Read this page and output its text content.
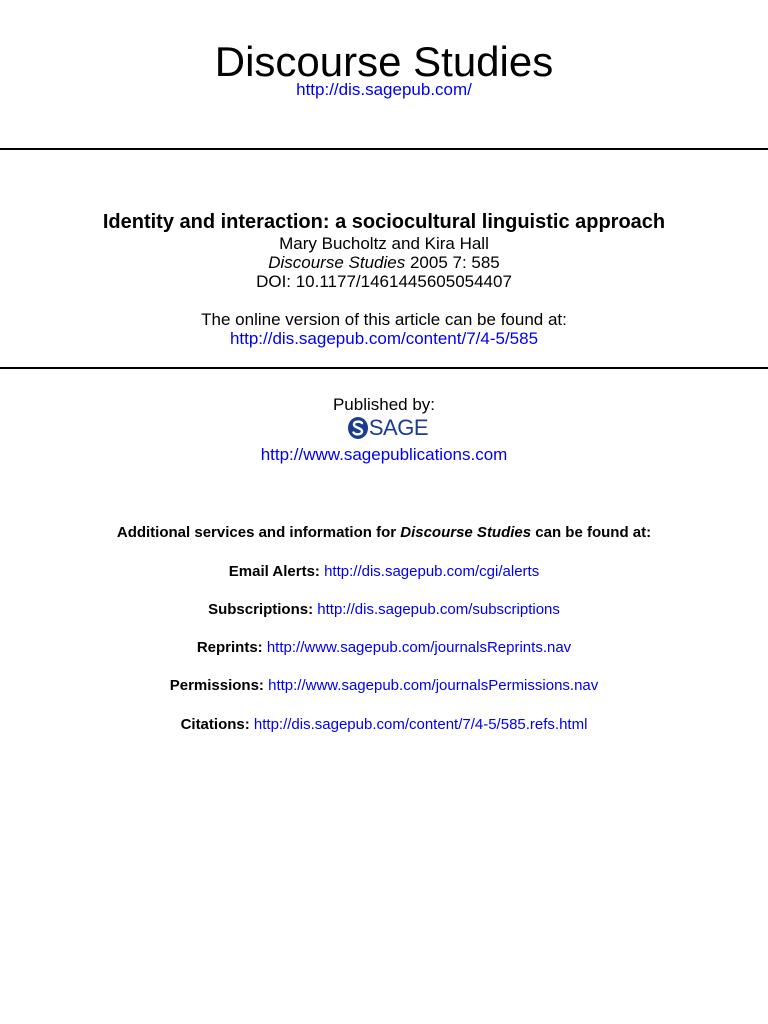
Discourse Studies
http://dis.sagepub.com/
Identity and interaction: a sociocultural linguistic approach
Mary Bucholtz and Kira Hall
Discourse Studies 2005 7: 585
DOI: 10.1177/1461445605054407
The online version of this article can be found at:
http://dis.sagepub.com/content/7/4-5/585
Published by:
SAGE
http://www.sagepublications.com
Additional services and information for Discourse Studies can be found at:
Email Alerts: http://dis.sagepub.com/cgi/alerts
Subscriptions: http://dis.sagepub.com/subscriptions
Reprints: http://www.sagepub.com/journalsReprints.nav
Permissions: http://www.sagepub.com/journalsPermissions.nav
Citations: http://dis.sagepub.com/content/7/4-5/585.refs.html
